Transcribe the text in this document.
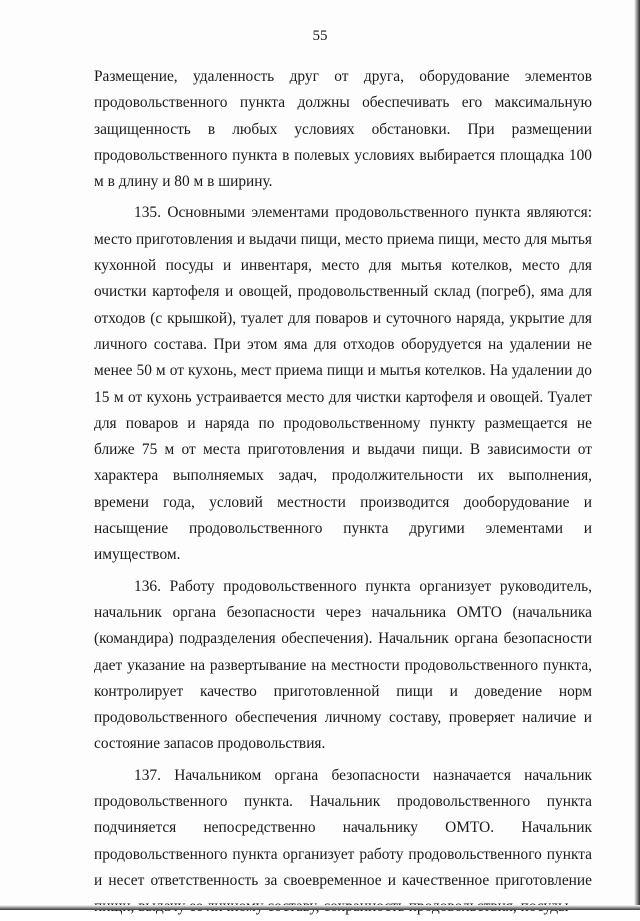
55

Размещение, удаленность друг от друга, оборудование элементов продовольственного пункта должны обеспечивать его максимальную защищенность в любых условиях обстановки. При размещении продовольственного пункта в полевых условиях выбирается площадка 100 м в длину и 80 м в ширину.

135. Основными элементами продовольственного пункта являются: место приготовления и выдачи пищи, место приема пищи, место для мытья кухонной посуды и инвентаря, место для мытья котелков, место для очистки картофеля и овощей, продовольственный склад (погреб), яма для отходов (с крышкой), туалет для поваров и суточного наряда, укрытие для личного состава. При этом яма для отходов оборудуется на удалении не менее 50 м от кухонь, мест приема пищи и мытья котелков. На удалении до 15 м от кухонь устраивается место для чистки картофеля и овощей. Туалет для поваров и наряда по продовольственному пункту размещается не ближе 75 м от места приготовления и выдачи пищи. В зависимости от характера выполняемых задач, продолжительности их выполнения, времени года, условий местности производится дооборудование и насыщение продовольственного пункта другими элементами и имуществом.

136. Работу продовольственного пункта организует руководитель, начальник органа безопасности через начальника ОМТО (начальника (командира) подразделения обеспечения). Начальник органа безопасности дает указание на развертывание на местности продовольственного пункта, контролирует качество приготовленной пищи и доведение норм продовольственного обеспечения личному составу, проверяет наличие и состояние запасов продовольствия.

137. Начальником органа безопасности назначается начальник продовольственного пункта. Начальник продовольственного пункта подчиняется непосредственно начальнику ОМТО. Начальник продовольственного пункта организует работу продовольственного пункта и несет ответственность за своевременное и качественное приготовление
